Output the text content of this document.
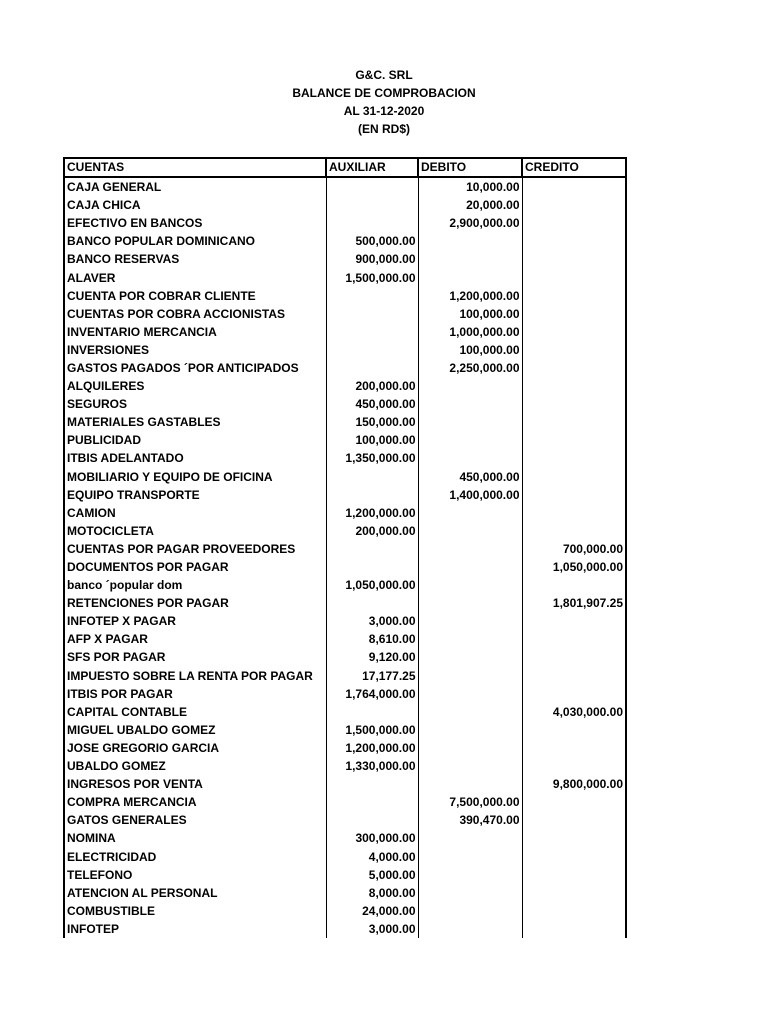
G&C. SRL
BALANCE DE COMPROBACION
AL 31-12-2020
(EN RD$)
CUENTAS	AUXILIAR	DEBITO	CREDITO
CAJA GENERAL		10,000.00	
CAJA CHICA		20,000.00	
EFECTIVO EN BANCOS		2,900,000.00	
BANCO POPULAR DOMINICANO	500,000.00		
BANCO RESERVAS	900,000.00		
ALAVER	1,500,000.00		
CUENTA POR COBRAR CLIENTE		1,200,000.00	
CUENTAS POR COBRA ACCIONISTAS		100,000.00	
INVENTARIO MERCANCIA		1,000,000.00	
INVERSIONES		100,000.00	
GASTOS PAGADOS ´POR ANTICIPADOS		2,250,000.00	
ALQUILERES	200,000.00		
SEGUROS	450,000.00		
MATERIALES GASTABLES	150,000.00		
PUBLICIDAD	100,000.00		
ITBIS ADELANTADO	1,350,000.00		
MOBILIARIO Y EQUIPO DE OFICINA		450,000.00	
EQUIPO TRANSPORTE		1,400,000.00	
CAMION	1,200,000.00		
MOTOCICLETA	200,000.00		
CUENTAS POR PAGAR PROVEEDORES			700,000.00
DOCUMENTOS POR PAGAR			1,050,000.00
banco ´popular dom	1,050,000.00		
RETENCIONES POR PAGAR			1,801,907.25
INFOTEP X PAGAR	3,000.00		
AFP X PAGAR	8,610.00		
SFS POR PAGAR	9,120.00		
IMPUESTO SOBRE LA RENTA POR PAGAR	17,177.25		
ITBIS POR PAGAR	1,764,000.00		
CAPITAL CONTABLE			4,030,000.00
MIGUEL UBALDO GOMEZ	1,500,000.00		
JOSE GREGORIO GARCIA	1,200,000.00		
UBALDO GOMEZ	1,330,000.00		
INGRESOS POR VENTA			9,800,000.00
COMPRA MERCANCIA		7,500,000.00	
GATOS GENERALES		390,470.00	
NOMINA	300,000.00		
ELECTRICIDAD	4,000.00		
TELEFONO	5,000.00		
ATENCION AL PERSONAL	8,000.00		
COMBUSTIBLE	24,000.00		
INFOTEP	3,000.00		
